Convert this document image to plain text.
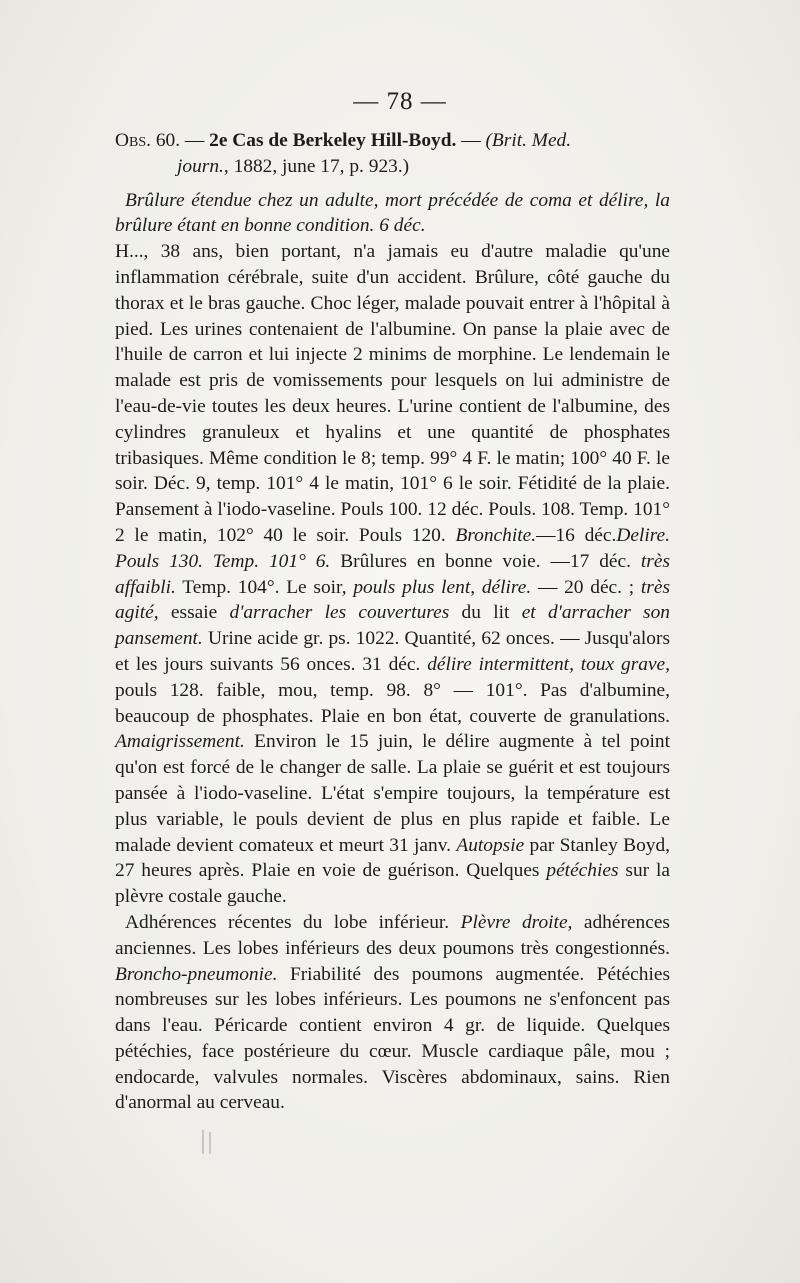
— 78 —

Obs. 60. — 2e Cas de Berkeley Hill-Boyd. — (Brit. Med.

journ., 1882, june 17, p. 923.)

Brûlure étendue chez un adulte, mort précédée de coma et délire, la brûlure étant en bonne condition. 6 déc.

H..., 38 ans, bien portant, n'a jamais eu d'autre maladie qu'une inflammation cérébrale, suite d'un accident. Brûlure, côté gauche du thorax et le bras gauche. Choc léger, malade pouvait entrer à l'hôpital à pied. Les urines contenaient de l'albumine. On panse la plaie avec de l'huile de carron et lui injecte 2 minims de morphine. Le lendemain le malade est pris de vomissements pour lesquels on lui administre de l'eau-de-vie toutes les deux heures. L'urine contient de l'albumine, des cylindres granuleux et hyalins et une quantité de phosphates tribasiques. Même condition le 8; temp. 99° 4 F. le matin; 100° 40 F. le soir. Déc. 9, temp. 101° 4 le matin, 101° 6 le soir. Fétidité de la plaie. Pansement à l'iodo-vaseline. Pouls 100. 12 déc. Pouls. 108. Temp. 101° 2 le matin, 102° 40 le soir. Pouls 120. Bronchite.—16 déc.Delire. Pouls 130. Temp. 101° 6. Brûlures en bonne voie. —17 déc. très affaibli. Temp. 104°. Le soir, pouls plus lent, délire. — 20 déc. ; très agité, essaie d'arracher les couvertures du lit et d'arracher son pansement. Urine acide gr. ps. 1022. Quantité, 62 onces. — Jusqu'alors et les jours suivants 56 onces. 31 déc. délire intermittent, toux grave, pouls 128. faible, mou, temp. 98. 8° — 101°. Pas d'albumine, beaucoup de phosphates. Plaie en bon état, couverte de granulations. Amaigrissement. Environ le 15 juin, le délire augmente à tel point qu'on est forcé de le changer de salle. La plaie se guérit et est toujours pansée à l'iodo-vaseline. L'état s'empire toujours, la température est plus variable, le pouls devient de plus en plus rapide et faible. Le malade devient comateux et meurt 31 janv. Autopsie par Stanley Boyd, 27 heures après. Plaie en voie de guérison. Quelques pétéchies sur la plèvre costale gauche.

Adhérences récentes du lobe inférieur. Plèvre droite, adhérences anciennes. Les lobes inférieurs des deux poumons très congestionnés. Broncho-pneumonie. Friabilité des poumons augmentée. Pétéchies nombreuses sur les lobes inférieurs. Les poumons ne s'enfoncent pas dans l'eau. Péricarde contient environ 4 gr. de liquide. Quelques pétéchies, face postérieure du cœur. Muscle cardiaque pâle, mou ; endocarde, valvules normales. Viscères abdominaux, sains. Rien d'anormal au cerveau.
